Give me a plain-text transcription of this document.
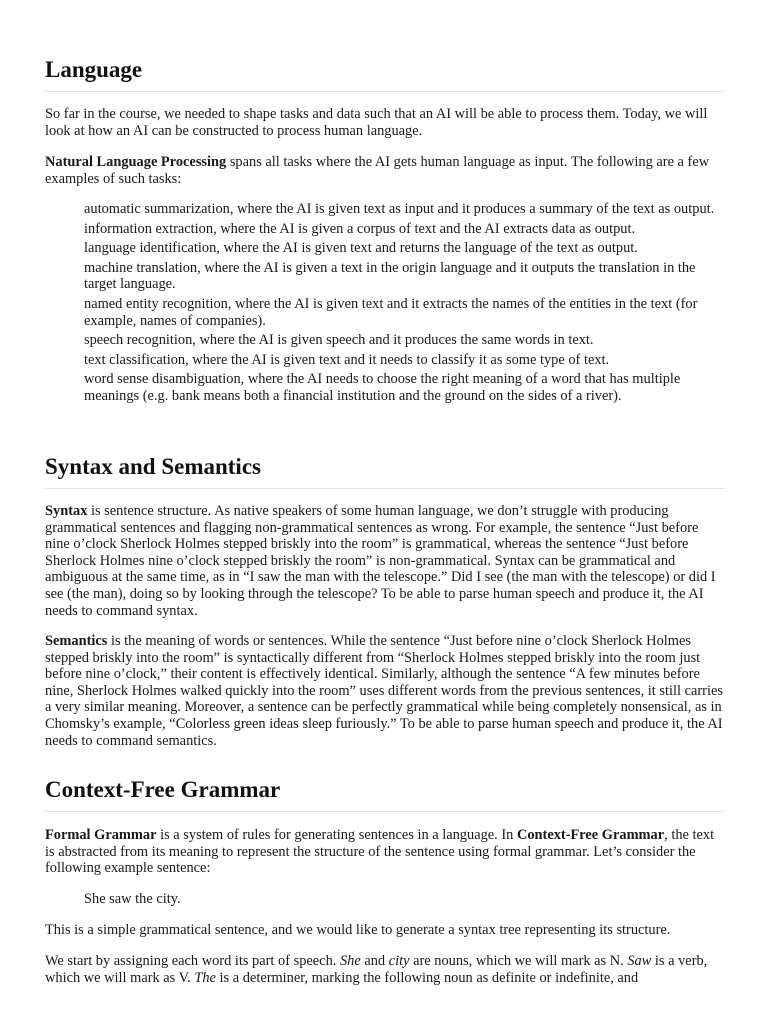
Language

So far in the course, we needed to shape tasks and data such that an AI will be able to process them. Today, we will look at how an AI can be constructed to process human language.

Natural Language Processing spans all tasks where the AI gets human language as input. The following are a few examples of such tasks:

automatic summarization, where the AI is given text as input and it produces a summary of the text as output.
information extraction, where the AI is given a corpus of text and the AI extracts data as output.
language identification, where the AI is given text and returns the language of the text as output.
machine translation, where the AI is given a text in the origin language and it outputs the translation in the target language.
named entity recognition, where the AI is given text and it extracts the names of the entities in the text (for example, names of companies).
speech recognition, where the AI is given speech and it produces the same words in text.
text classification, where the AI is given text and it needs to classify it as some type of text.
word sense disambiguation, where the AI needs to choose the right meaning of a word that has multiple meanings (e.g. bank means both a financial institution and the ground on the sides of a river).
Syntax and Semantics

Syntax is sentence structure. As native speakers of some human language, we don’t struggle with producing grammatical sentences and flagging non-grammatical sentences as wrong. For example, the sentence “Just before nine o’clock Sherlock Holmes stepped briskly into the room” is grammatical, whereas the sentence “Just before Sherlock Holmes nine o’clock stepped briskly the room” is non-grammatical. Syntax can be grammatical and ambiguous at the same time, as in “I saw the man with the telescope.” Did I see (the man with the telescope) or did I see (the man), doing so by looking through the telescope? To be able to parse human speech and produce it, the AI needs to command syntax.

Semantics is the meaning of words or sentences. While the sentence “Just before nine o’clock Sherlock Holmes stepped briskly into the room” is syntactically different from “Sherlock Holmes stepped briskly into the room just before nine o’clock,” their content is effectively identical. Similarly, although the sentence “A few minutes before nine, Sherlock Holmes walked quickly into the room” uses different words from the previous sentences, it still carries a very similar meaning. Moreover, a sentence can be perfectly grammatical while being completely nonsensical, as in Chomsky’s example, “Colorless green ideas sleep furiously.” To be able to parse human speech and produce it, the AI needs to command semantics.

Context-Free Grammar

Formal Grammar is a system of rules for generating sentences in a language. In Context-Free Grammar, the text is abstracted from its meaning to represent the structure of the sentence using formal grammar. Let’s consider the following example sentence:

She saw the city.

This is a simple grammatical sentence, and we would like to generate a syntax tree representing its structure.

We start by assigning each word its part of speech. She and city are nouns, which we will mark as N. Saw is a verb, which we will mark as V. The is a determiner, marking the following noun as definite or indefinite, and
